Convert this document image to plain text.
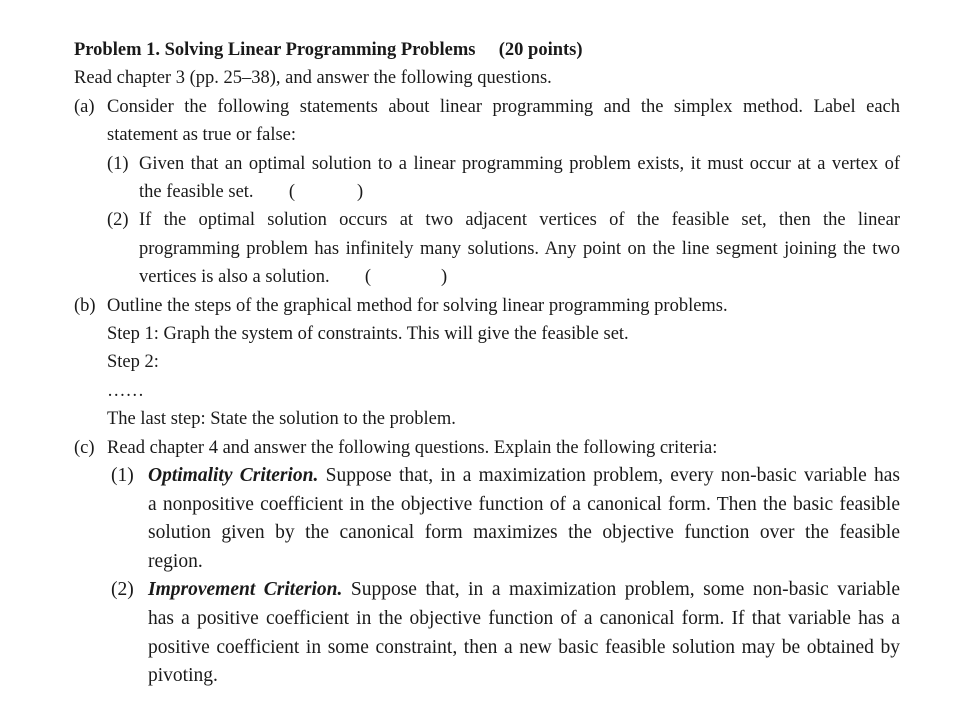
Problem 1. Solving Linear Programming Problems (20 points)
Read chapter 3 (pp. 25–38), and answer the following questions.
(a) Consider the following statements about linear programming and the simplex method. Label each
statement as true or false:
(1) Given that an optimal solution to a linear programming problem exists, it must occur at a vertex of
the feasible set. (	)
(2) If the optimal solution occurs at two adjacent vertices of the feasible set, then the linear
programming problem has infinitely many solutions. Any point on the line segment joining the two
vertices is also a solution. (	)
(b) Outline the steps of the graphical method for solving linear programming problems.
Step 1: Graph the system of constraints. This will give the feasible set.
Step 2:
……
The last step: State the solution to the problem.
(c) Read chapter 4 and answer the following questions. Explain the following criteria:
(1) Optimality Criterion. Suppose that, in a maximization problem, every non-basic variable has
a nonpositive coefficient in the objective function of a canonical form. Then the basic feasible
solution given by the canonical form maximizes the objective function over the feasible
region.
(2) Improvement Criterion. Suppose that, in a maximization problem, some non-basic variable
has a positive coefficient in the objective function of a canonical form. If that variable has a
positive coefficient in some constraint, then a new basic feasible solution may be obtained by
pivoting.
